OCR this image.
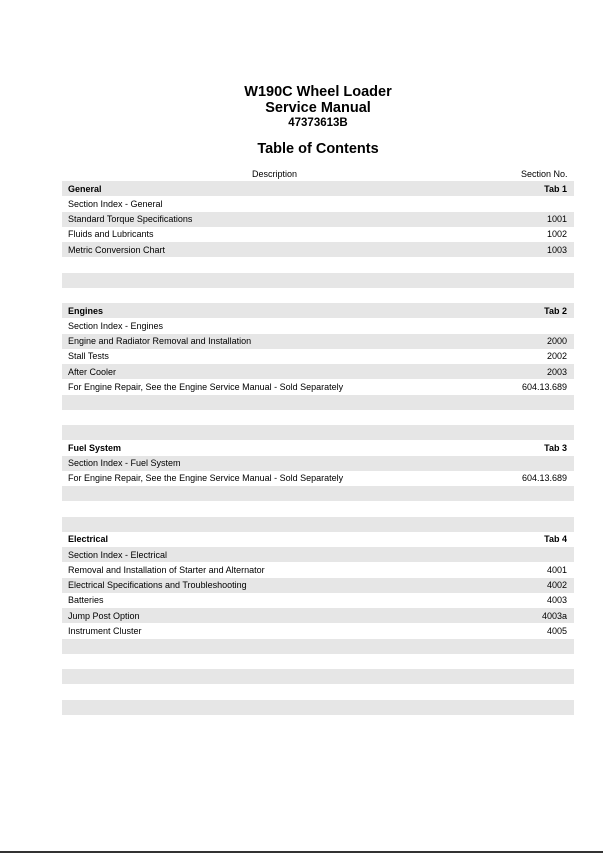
W190C Wheel Loader
Service Manual
47373613B
Table of Contents
Description	Section No.
General	Tab 1
Section Index - General
Standard Torque Specifications	1001
Fluids and Lubricants	1002
Metric Conversion Chart	1003
Engines	Tab 2
Section Index - Engines
Engine and Radiator Removal and Installation	2000
Stall Tests	2002
After Cooler	2003
For Engine Repair, See the Engine Service Manual - Sold Separately	604.13.689
Fuel System	Tab 3
Section Index - Fuel System
For Engine Repair, See the Engine Service Manual - Sold Separately	604.13.689
Electrical	Tab 4
Section Index - Electrical
Removal and Installation of Starter and Alternator	4001
Electrical Specifications and Troubleshooting	4002
Batteries	4003
Jump Post Option	4003a
Instrument Cluster	4005
